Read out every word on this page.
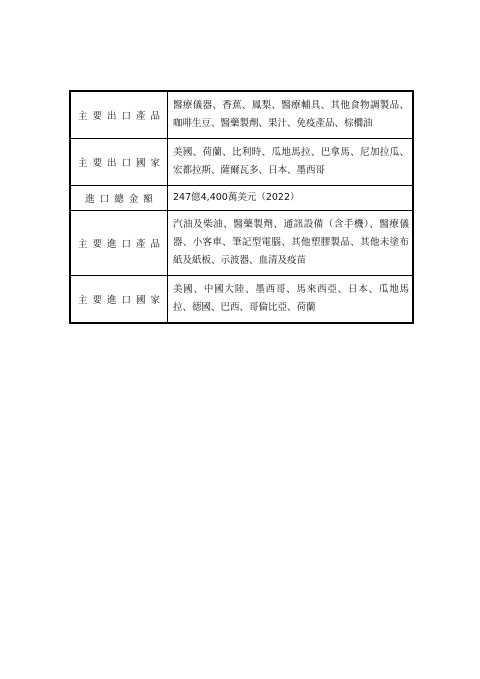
主要出口產品	醫療儀器、香蕉、鳳梨、醫療輔具、其他食物調製品、咖啡生豆、醫藥製劑、果汁、免疫產品、棕櫚油

主要出口國家	美國、荷蘭、比利時、瓜地馬拉、巴拿馬、尼加拉瓜、宏都拉斯、薩爾瓦多、日本、墨西哥

進口總金額	247億4,400萬美元（2022）

主要進口產品	汽油及柴油、醫藥製劑、通訊設備（含手機）、醫療儀器、小客車、筆記型電腦、其他塑膠製品、其他未塗布紙及紙板、示波器、血清及疫苗

主要進口國家	美國、中國大陸、墨西哥、馬來西亞、日本、瓜地馬拉、德國、巴西、哥倫比亞、荷蘭
